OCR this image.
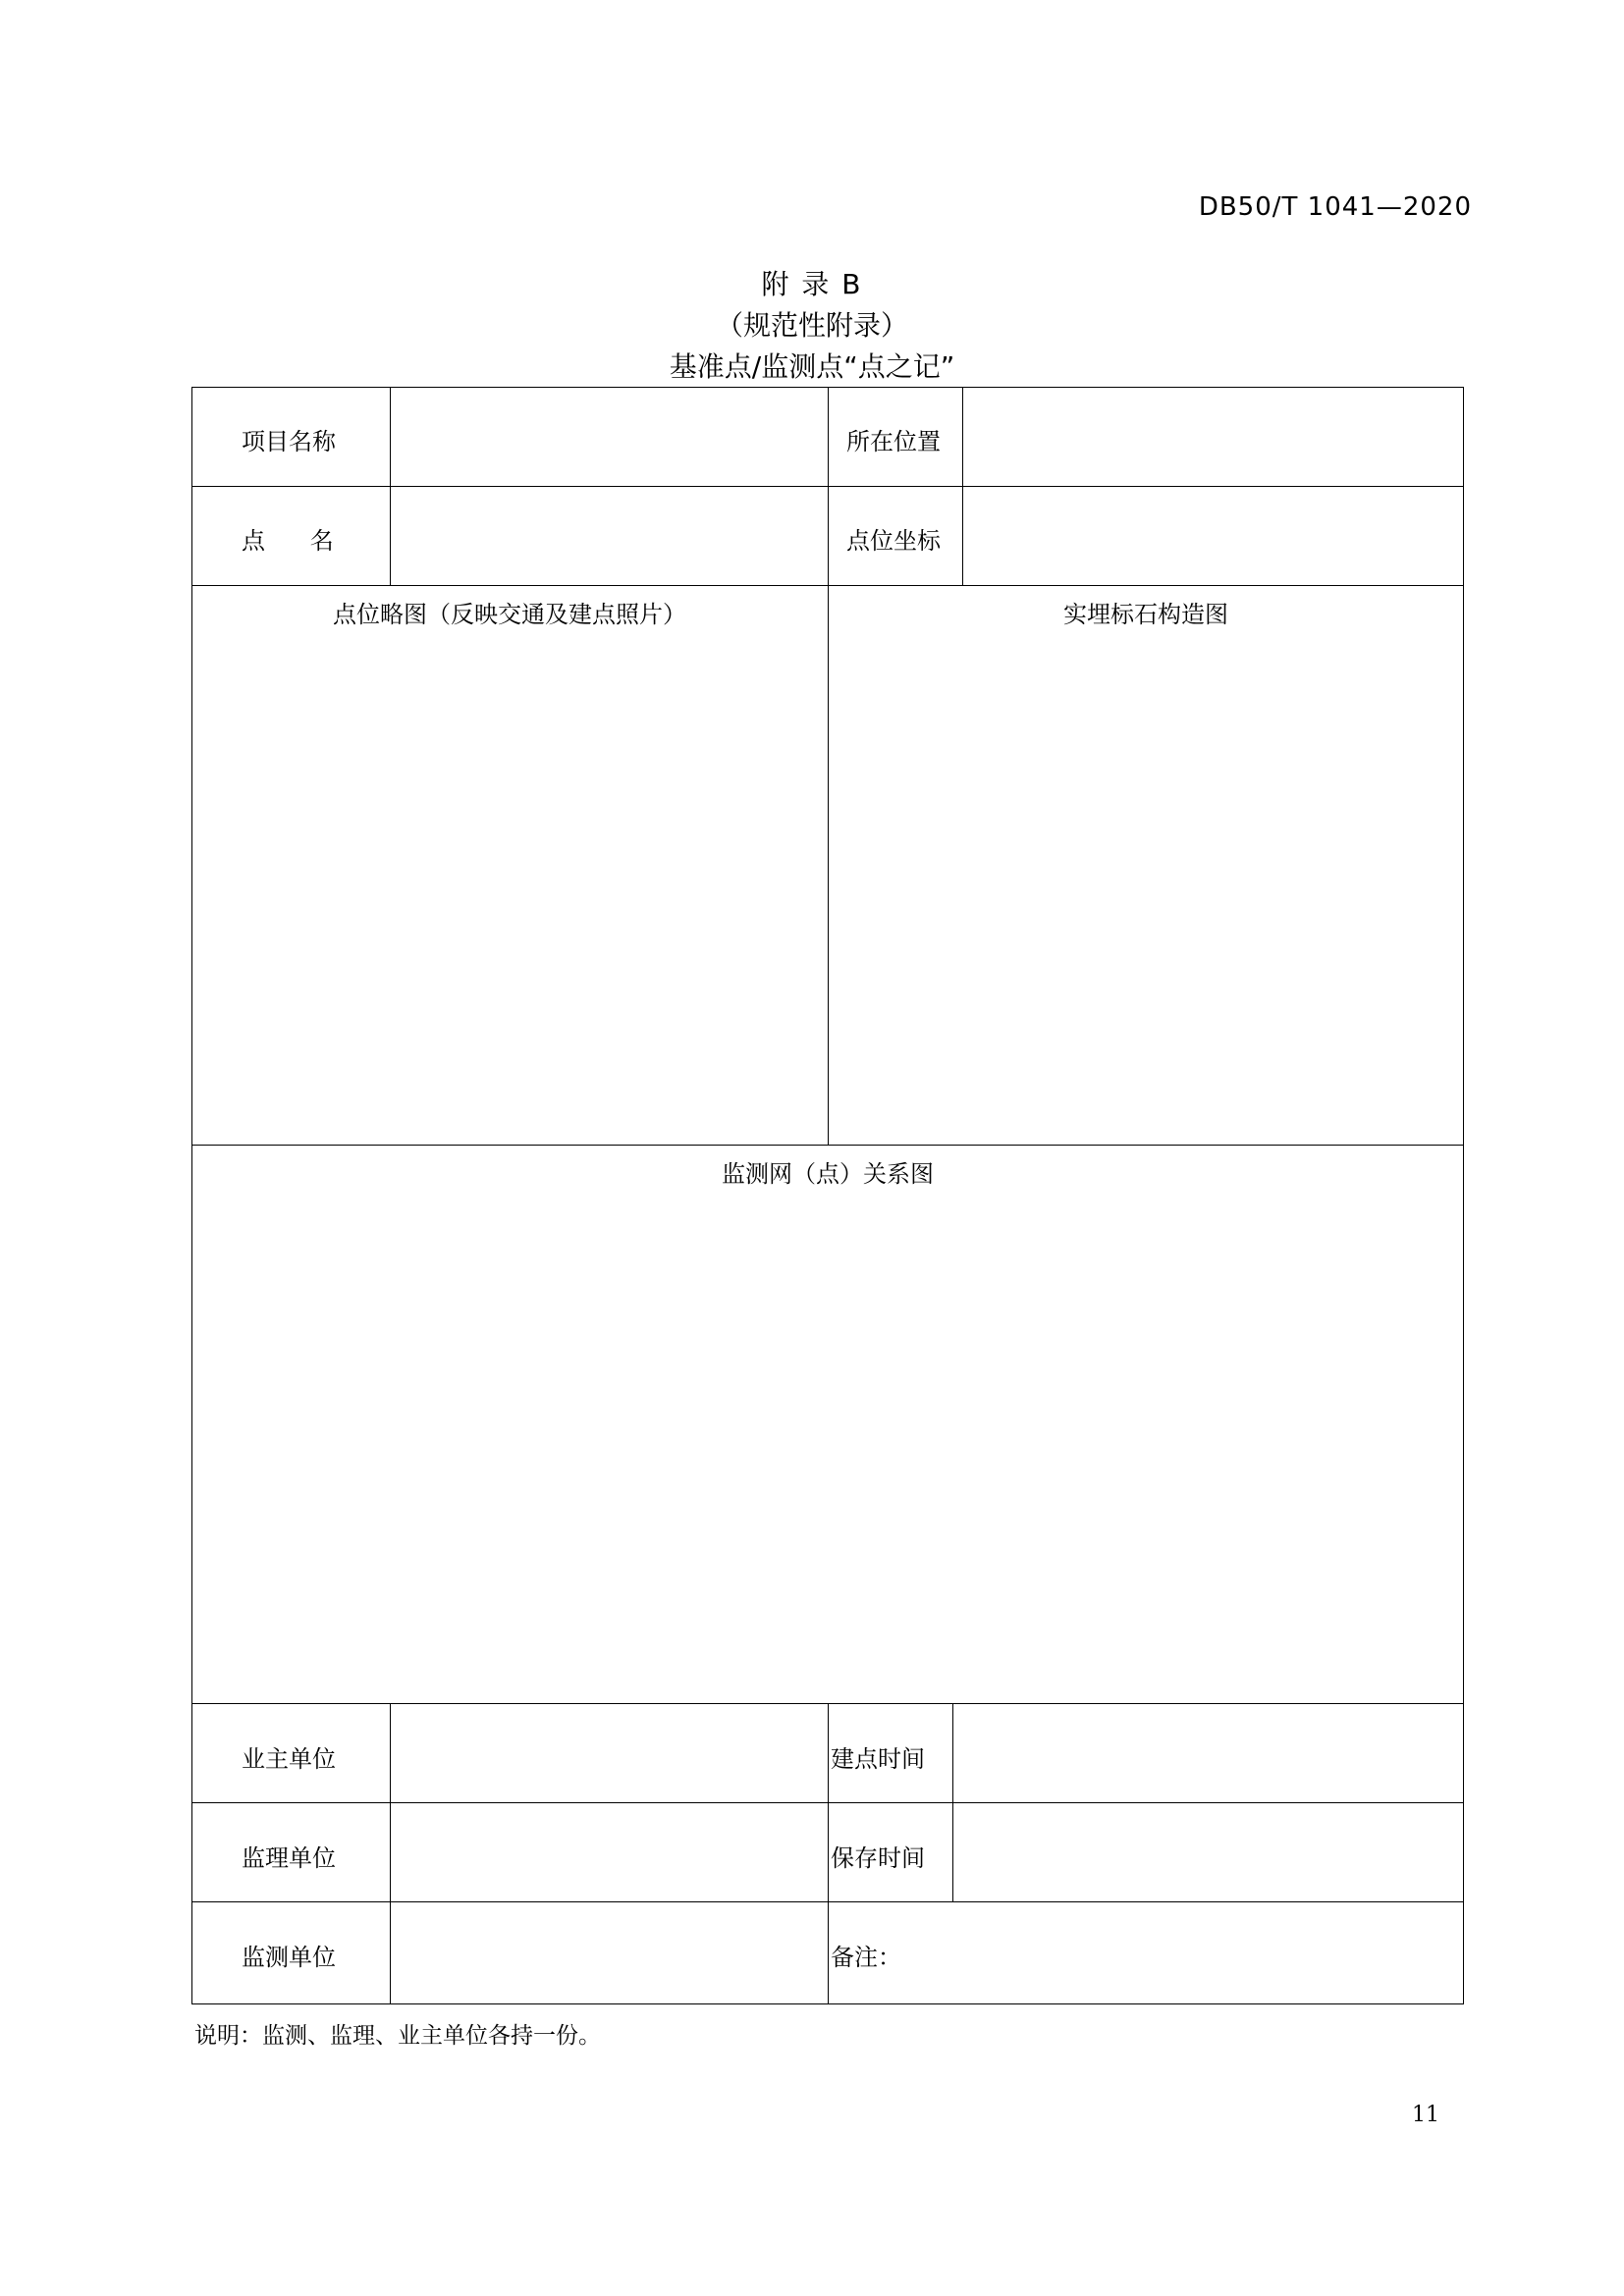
DB50/T 1041—2020
附 录 B
（规范性附录）
基准点/监测点“点之记”
项目名称	所在位置
点      名	点位坐标
点位略图（反映交通及建点照片）	实埋标石构造图
监测网（点）关系图
业主单位	建点时间
监理单位	保存时间
监测单位	备注：
说明：监测、监理、业主单位各持一份。
11
